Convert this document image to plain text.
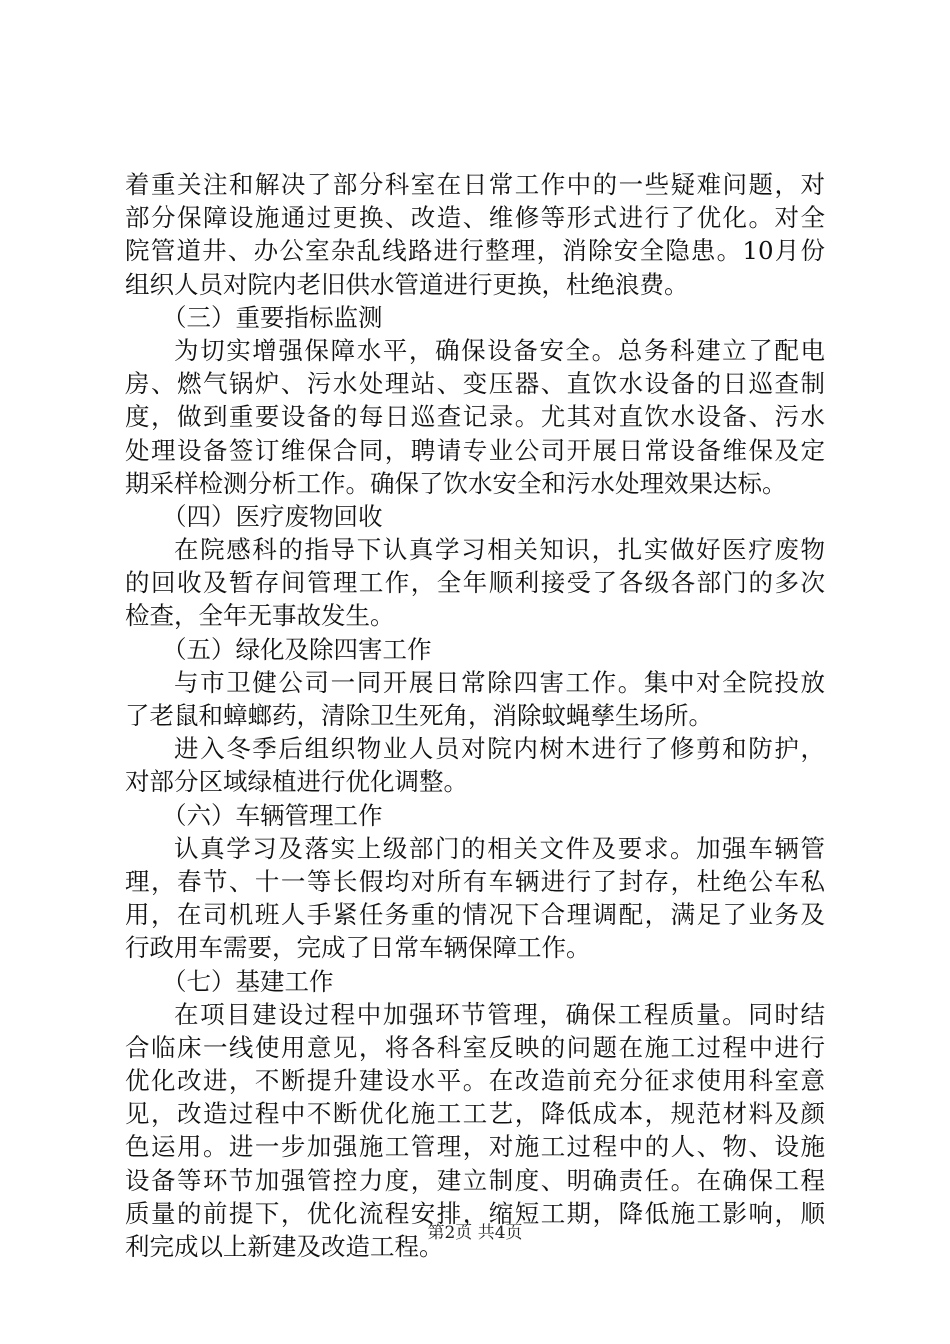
着重关注和解决了部分科室在日常工作中的一些疑难问题，对
部分保障设施通过更换、改造、维修等形式进行了优化。对全
院管道井、办公室杂乱线路进行整理，消除安全隐患。10月份
组织人员对院内老旧供水管道进行更换，杜绝浪费。
（三）重要指标监测
为切实增强保障水平，确保设备安全。总务科建立了配电
房、燃气锅炉、污水处理站、变压器、直饮水设备的日巡查制
度，做到重要设备的每日巡查记录。尤其对直饮水设备、污水
处理设备签订维保合同，聘请专业公司开展日常设备维保及定
期采样检测分析工作。确保了饮水安全和污水处理效果达标。
（四）医疗废物回收
在院感科的指导下认真学习相关知识，扎实做好医疗废物
的回收及暂存间管理工作，全年顺利接受了各级各部门的多次
检查，全年无事故发生。
（五）绿化及除四害工作
与市卫健公司一同开展日常除四害工作。集中对全院投放
了老鼠和蟑螂药，清除卫生死角，消除蚊蝇孳生场所。
进入冬季后组织物业人员对院内树木进行了修剪和防护，
对部分区域绿植进行优化调整。
（六）车辆管理工作
认真学习及落实上级部门的相关文件及要求。加强车辆管
理，春节、十一等长假均对所有车辆进行了封存，杜绝公车私
用，在司机班人手紧任务重的情况下合理调配，满足了业务及
行政用车需要，完成了日常车辆保障工作。
（七）基建工作
在项目建设过程中加强环节管理，确保工程质量。同时结
合临床一线使用意见，将各科室反映的问题在施工过程中进行
优化改进，不断提升建设水平。在改造前充分征求使用科室意
见，改造过程中不断优化施工工艺，降低成本，规范材料及颜
色运用。进一步加强施工管理，对施工过程中的人、物、设施
设备等环节加强管控力度，建立制度、明确责任。在确保工程
质量的前提下，优化流程安排，缩短工期，降低施工影响，顺
利完成以上新建及改造工程。
第2页 共4页
